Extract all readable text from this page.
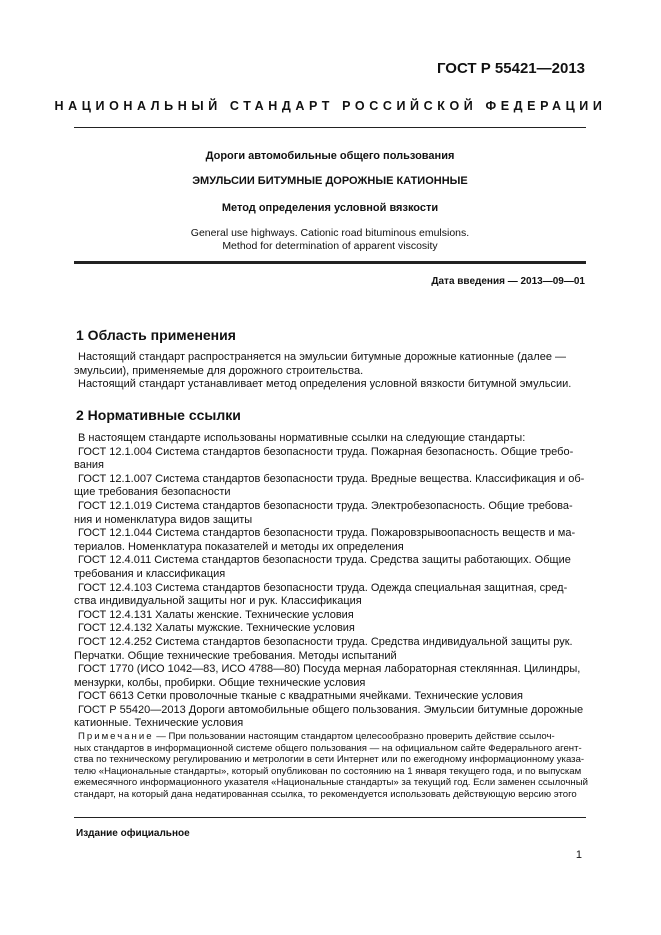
ГОСТ Р 55421—2013
НАЦИОНАЛЬНЫЙ СТАНДАРТ РОССИЙСКОЙ ФЕДЕРАЦИИ
Дороги автомобильные общего пользования
ЭМУЛЬСИИ БИТУМНЫЕ ДОРОЖНЫЕ КАТИОННЫЕ
Метод определения условной вязкости
General use highways. Cationic road bituminous emulsions.
Method for determination of apparent viscosity
Дата введения — 2013—09—01
1 Область применения
Настоящий стандарт распространяется на эмульсии битумные дорожные катионные (далее —
эмульсии), применяемые для дорожного строительства.
Настоящий стандарт устанавливает метод определения условной вязкости битумной эмульсии.
2 Нормативные ссылки
В настоящем стандарте использованы нормативные ссылки на следующие стандарты:
ГОСТ 12.1.004 Система стандартов безопасности труда. Пожарная безопасность. Общие требо-
вания
ГОСТ 12.1.007 Система стандартов безопасности труда. Вредные вещества. Классификация и об-
щие требования безопасности
ГОСТ 12.1.019 Система стандартов безопасности труда. Электробезопасность. Общие требова-
ния и номенклатура видов защиты
ГОСТ 12.1.044 Система стандартов безопасности труда. Пожаровзрывоопасность веществ и ма-
териалов. Номенклатура показателей и методы их определения
ГОСТ 12.4.011 Система стандартов безопасности труда. Средства защиты работающих. Общие
требования и классификация
ГОСТ 12.4.103 Система стандартов безопасности труда. Одежда специальная защитная, сред-
ства индивидуальной защиты ног и рук. Классификация
ГОСТ 12.4.131 Халаты женские. Технические условия
ГОСТ 12.4.132 Халаты мужские. Технические условия
ГОСТ 12.4.252 Система стандартов безопасности труда. Средства индивидуальной защиты рук.
Перчатки. Общие технические требования. Методы испытаний
ГОСТ 1770 (ИСО 1042—83, ИСО 4788—80) Посуда мерная лабораторная стеклянная. Цилиндры,
мензурки, колбы, пробирки. Общие технические условия
ГОСТ 6613 Сетки проволочные тканые с квадратными ячейками. Технические условия
ГОСТ Р 55420—2013 Дороги автомобильные общего пользования. Эмульсии битумные дорожные
катионные. Технические условия
Примечание — При пользовании настоящим стандартом целесообразно проверить действие ссылоч-
ных стандартов в информационной системе общего пользования — на официальном сайте Федерального агент-
ства по техническому регулированию и метрологии в сети Интернет или по ежегодному информационному указа-
телю «Национальные стандарты», который опубликован по состоянию на 1 января текущего года, и по выпускам
ежемесячного информационного указателя «Национальные стандарты» за текущий год. Если заменен ссылочный
стандарт, на который дана недатированная ссылка, то рекомендуется использовать действующую версию этого
Издание официальное
1
